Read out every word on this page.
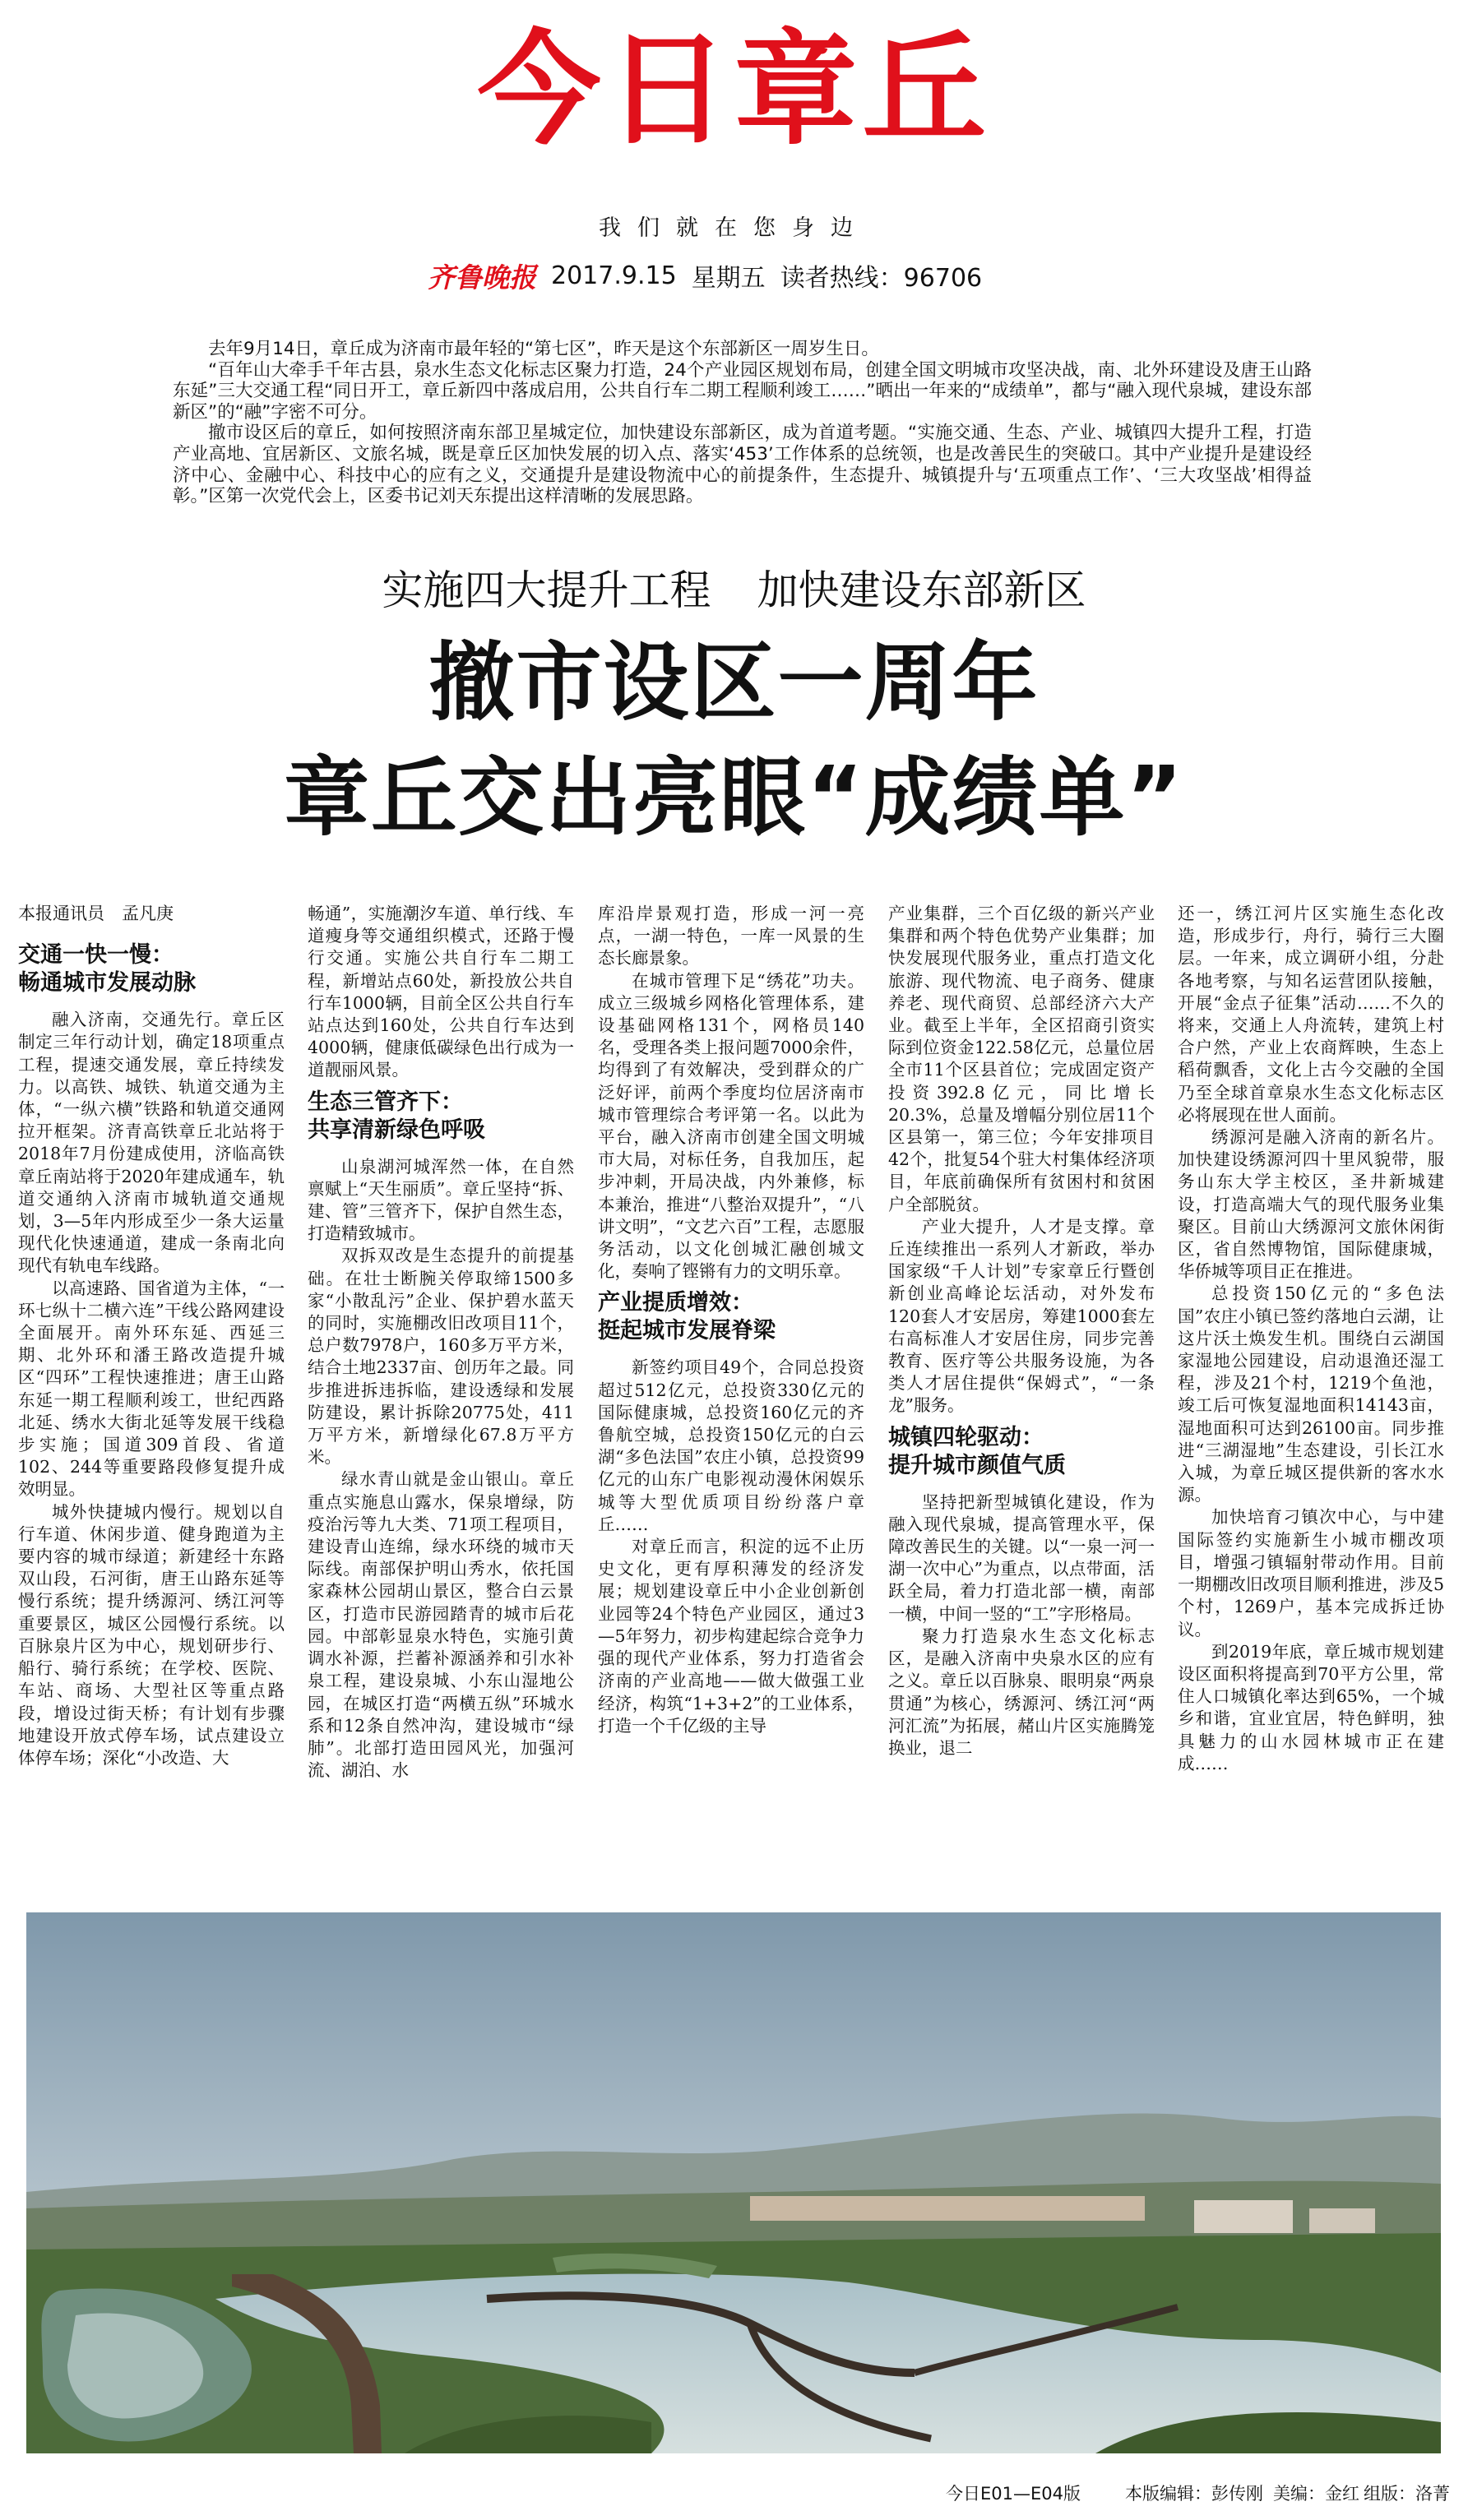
今日章丘
我们就在您身边
齐鲁晚报 2017.9.15 星期五 读者热线：96706

去年9月14日，章丘成为济南市最年轻的“第七区”，昨天是这个东部新区一周岁生日。

“百年山大牵手千年古县，泉水生态文化标志区聚力打造，24个产业园区规划布局，创建全国文明城市攻坚决战，南、北外环建设及唐王山路东延”三大交通工程“同日开工，章丘新四中落成启用，公共自行车二期工程顺利竣工……”晒出一年来的“成绩单”，都与“融入现代泉城，建设东部新区”的“融”字密不可分。

撤市设区后的章丘，如何按照济南东部卫星城定位，加快建设东部新区，成为首道考题。“实施交通、生态、产业、城镇四大提升工程，打造产业高地、宜居新区、文旅名城，既是章丘区加快发展的切入点、落实‘453’工作体系的总统领，也是改善民生的突破口。其中产业提升是建设经济中心、金融中心、科技中心的应有之义，交通提升是建设物流中心的前提条件，生态提升、城镇提升与‘五项重点工作’、‘三大攻坚战’相得益彰。”区第一次党代会上，区委书记刘天东提出这样清晰的发展思路。

实施四大提升工程 加快建设东部新区
撤市设区一周年
章丘交出亮眼“成绩单”
本报通讯员　孟凡庚
交通一快一慢：
畅通城市发展动脉

融入济南，交通先行。章丘区制定三年行动计划，确定18项重点工程，提速交通发展，章丘持续发力。以高铁、城铁、轨道交通为主体，“一纵六横”铁路和轨道交通网拉开框架。济青高铁章丘北站将于2018年7月份建成使用，济临高铁章丘南站将于2020年建成通车，轨道交通纳入济南市城轨道交通规划，3—5年内形成至少一条大运量现代化快速通道，建成一条南北向现代有轨电车线路。

以高速路、国省道为主体，“一环七纵十二横六连”干线公路网建设全面展开。南外环东延、西延三期、北外环和潘王路改造提升城区“四环”工程快速推进；唐王山路东延一期工程顺利竣工，世纪西路北延、绣水大街北延等发展干线稳步实施；国道309首段、省道102、244等重要路段修复提升成效明显。

城外快捷城内慢行。规划以自行车道、休闲步道、健身跑道为主要内容的城市绿道；新建经十东路双山段，石河街，唐王山路东延等慢行系统；提升绣源河、绣江河等重要景区，城区公园慢行系统。以百脉泉片区为中心，规划研步行、船行、骑行系统；在学校、医院、车站、商场、大型社区等重点路段，增设过街天桥；有计划有步骤地建设开放式停车场，试点建设立体停车场；深化“小改造、大

畅通”，实施潮汐车道、单行线、车道瘦身等交通组织模式，还路于慢行交通。实施公共自行车二期工程，新增站点60处，新投放公共自行车1000辆，目前全区公共自行车站点达到160处，公共自行车达到4000辆，健康低碳绿色出行成为一道靓丽风景。

生态三管齐下：
共享清新绿色呼吸

山泉湖河城浑然一体，在自然禀赋上“天生丽质”。章丘坚持“拆、建、管”三管齐下，保护自然生态，打造精致城市。

双拆双改是生态提升的前提基础。在壮士断腕关停取缔1500多家“小散乱污”企业、保护碧水蓝天的同时，实施棚改旧改项目11个，总户数7978户，160多万平方米，结合土地2337亩、创历年之最。同步推进拆违拆临，建设透绿和发展防建设，累计拆除20775处，411万平方米，新增绿化67.8万平方米。

绿水青山就是金山银山。章丘重点实施息山露水，保泉增绿，防疫治污等九大类、71项工程项目，建设青山连绵，绿水环绕的城市天际线。南部保护明山秀水，依托国家森林公园胡山景区，整合白云景区，打造市民游园踏青的城市后花园。中部彰显泉水特色，实施引黄调水补源，拦蓄补源涵养和引水补泉工程，建设泉城、小东山湿地公园，在城区打造“两横五纵”环城水系和12条自然冲沟，建设城市“绿肺”。北部打造田园风光，加强河流、湖泊、水

库沿岸景观打造，形成一河一亮点，一湖一特色，一库一风景的生态长廊景象。

在城市管理下足“绣花”功夫。成立三级城乡网格化管理体系，建设基础网格131个，网格员140名，受理各类上报问题7000余件，均得到了有效解决，受到群众的广泛好评，前两个季度均位居济南市城市管理综合考评第一名。以此为平台，融入济南市创建全国文明城市大局，对标任务，自我加压，起步冲刺，开局决战，内外兼修，标本兼治，推进“八整治双提升”，“八讲文明”，“文艺六百”工程，志愿服务活动，以文化创城汇融创城文化，奏响了铿锵有力的文明乐章。

产业提质增效：
挺起城市发展脊梁

新签约项目49个，合同总投资超过512亿元，总投资330亿元的国际健康城，总投资160亿元的齐鲁航空城，总投资150亿元的白云湖“多色法国”农庄小镇，总投资99亿元的山东广电影视动漫休闲娱乐城等大型优质项目纷纷落户章丘……

对章丘而言，积淀的远不止历史文化，更有厚积薄发的经济发展；规划建设章丘中小企业创新创业园等24个特色产业园区，通过3—5年努力，初步构建起综合竞争力强的现代产业体系，努力打造省会济南的产业高地——做大做强工业经济，构筑“1+3+2”的工业体系，打造一个千亿级的主导

产业集群，三个百亿级的新兴产业集群和两个特色优势产业集群；加快发展现代服务业，重点打造文化旅游、现代物流、电子商务、健康养老、现代商贸、总部经济六大产业。截至上半年，全区招商引资实际到位资金122.58亿元，总量位居全市11个区县首位；完成固定资产投资392.8亿元，同比增长20.3%，总量及增幅分别位居11个区县第一，第三位；今年安排项目42个，批复54个驻大村集体经济项目，年底前确保所有贫困村和贫困户全部脱贫。

产业大提升，人才是支撑。章丘连续推出一系列人才新政，举办国家级“千人计划”专家章丘行暨创新创业高峰论坛活动，对外发布120套人才安居房，筹建1000套左右高标准人才安居住房，同步完善教育、医疗等公共服务设施，为各类人才居住提供“保姆式”，“一条龙”服务。

城镇四轮驱动：
提升城市颜值气质

坚持把新型城镇化建设，作为融入现代泉城，提高管理水平，保障改善民生的关键。以“一泉一河一湖一次中心”为重点，以点带面，活跃全局，着力打造北部一横，南部一横，中间一竖的“工”字形格局。

聚力打造泉水生态文化标志区，是融入济南中央泉水区的应有之义。章丘以百脉泉、眼明泉“两泉贯通”为核心，绣源河、绣江河“两河汇流”为拓展，赭山片区实施腾笼换业，退二

还一，绣江河片区实施生态化改造，形成步行，舟行，骑行三大圈层。一年来，成立调研小组，分赴各地考察，与知名运营团队接触，开展“金点子征集”活动……不久的将来，交通上人舟流转，建筑上村合户然，产业上农商辉映，生态上稻荷飘香，文化上古今交融的全国乃至全球首章泉水生态文化标志区必将展现在世人面前。

绣源河是融入济南的新名片。加快建设绣源河四十里风貌带，服务山东大学主校区，圣井新城建设，打造高端大气的现代服务业集聚区。目前山大绣源河文旅休闲街区，省自然博物馆，国际健康城，华侨城等项目正在推进。

总投资150亿元的“多色法国”农庄小镇已签约落地白云湖，让这片沃土焕发生机。围绕白云湖国家湿地公园建设，启动退渔还湿工程，涉及21个村，1219个鱼池，竣工后可恢复湿地面积14143亩，湿地面积可达到26100亩。同步推进“三湖湿地”生态建设，引长江水入城，为章丘城区提供新的客水水源。

加快培育刁镇次中心，与中建国际签约实施新生小城市棚改项目，增强刁镇辐射带动作用。目前一期棚改旧改项目顺利推进，涉及5个村，1269户，基本完成拆迁协议。

到2019年底，章丘城市规划建设区面积将提高到70平方公里，常住人口城镇化率达到65%，一个城乡和谐，宜业宜居，特色鲜明，独具魅力的山水园林城市正在建成……

今日E01—E04版	本版编辑：彭传刚 美编：金红 组版：洛菁
